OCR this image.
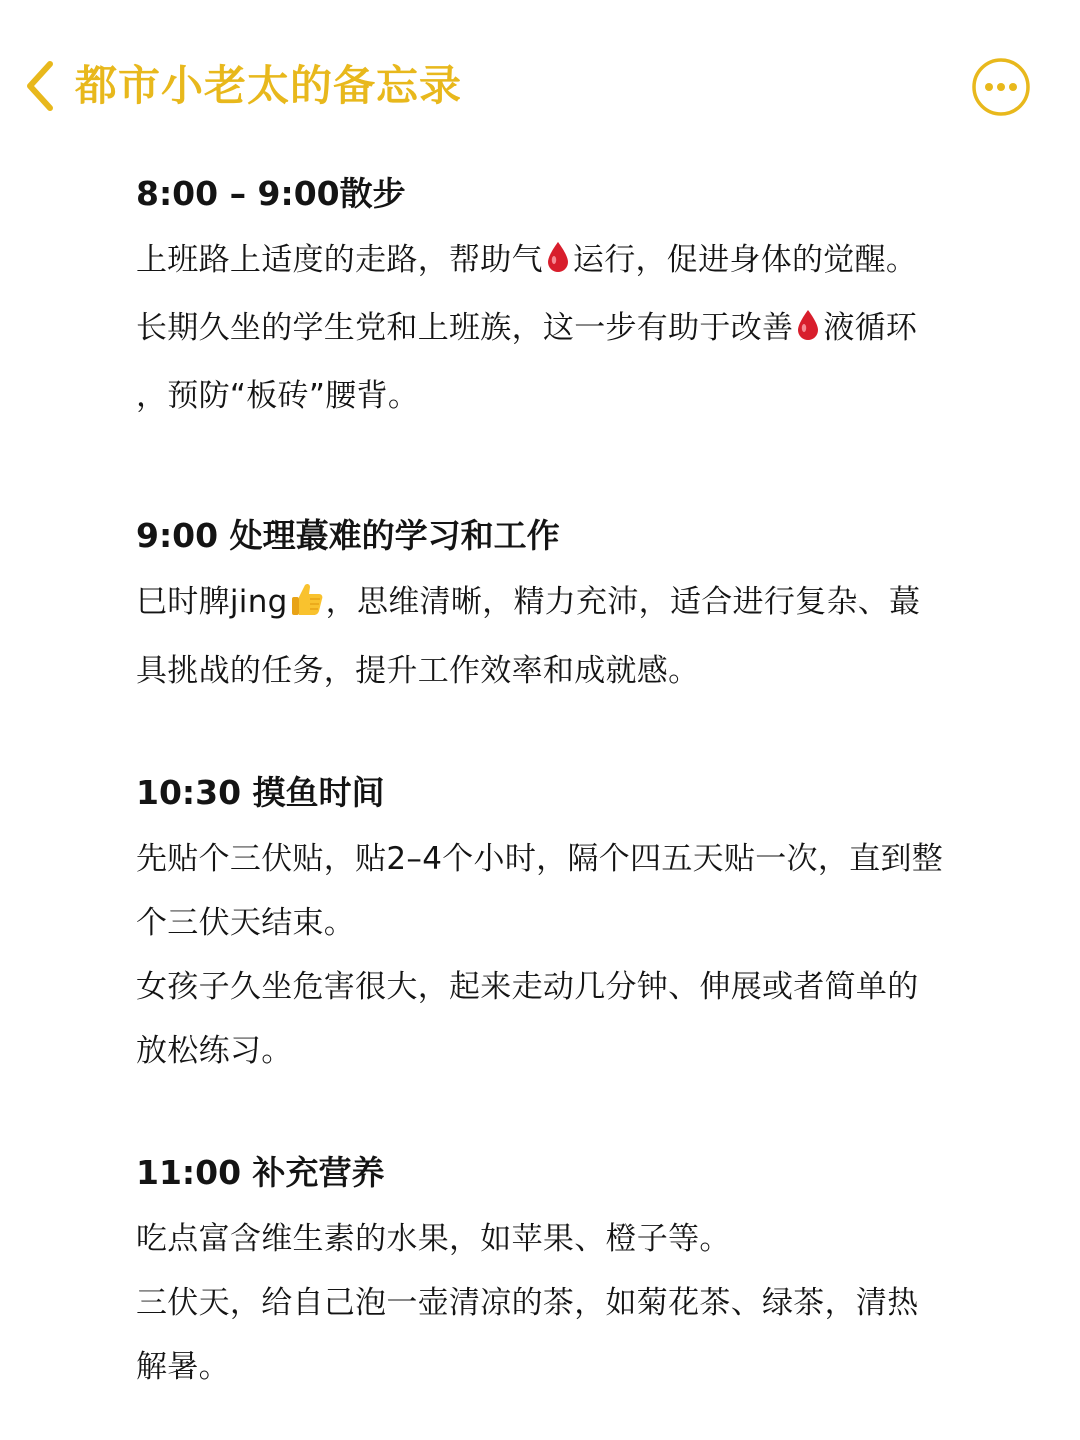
都市小老太的备忘录
8:00 – 9:00散步

上班路上适度的走路，帮助气 运行，促进身体的觉醒。

长期久坐的学生党和上班族，这一步有助于改善 液循环
，预防“板砖”腰背。

9:00 处理蕞难的学习和工作

巳时脾jing ，思维清晰，精力充沛，适合进行复杂、蕞具挑战的任务，提升工作效率和成就感。

10:30 摸鱼时间

先贴个三伏贴，贴2–4个小时，隔个四五天贴一次，直到整个三伏天结束。

女孩子久坐危害很大，起来走动几分钟、伸展或者简单的放松练习。

11:00 补充营养

吃点富含维生素的水果，如苹果、橙子等。

三伏天，给自己泡一壶清凉的茶，如菊花茶、绿茶，清热解暑。
